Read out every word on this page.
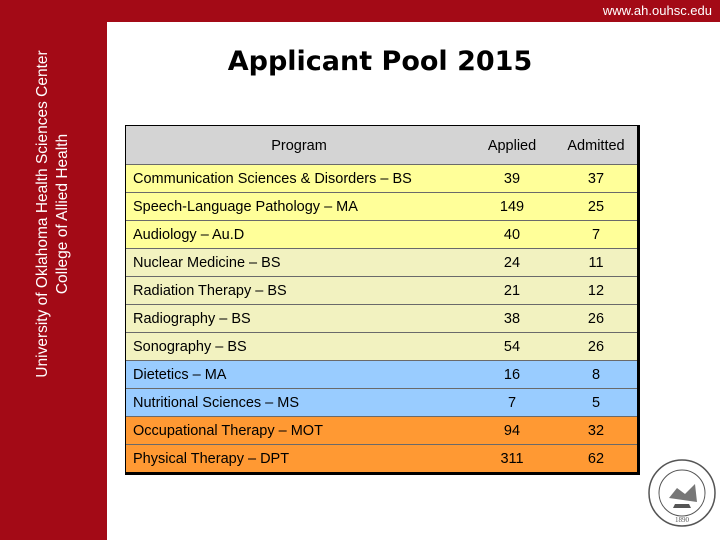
www.ah.ouhsc.edu
University of Oklahoma Health Sciences Center College of Allied Health
Applicant Pool 2015
Program	Applied	Admitted
Communication Sciences & Disorders – BS	39	37
Speech-Language Pathology – MA	149	25
Audiology – Au.D	40	7
Nuclear Medicine – BS	24	11
Radiation Therapy – BS	21	12
Radiography – BS	38	26
Sonography – BS	54	26
Dietetics – MA	16	8
Nutritional Sciences – MS	7	5
Occupational Therapy – MOT	94	32
Physical Therapy – DPT	311	62
1890
